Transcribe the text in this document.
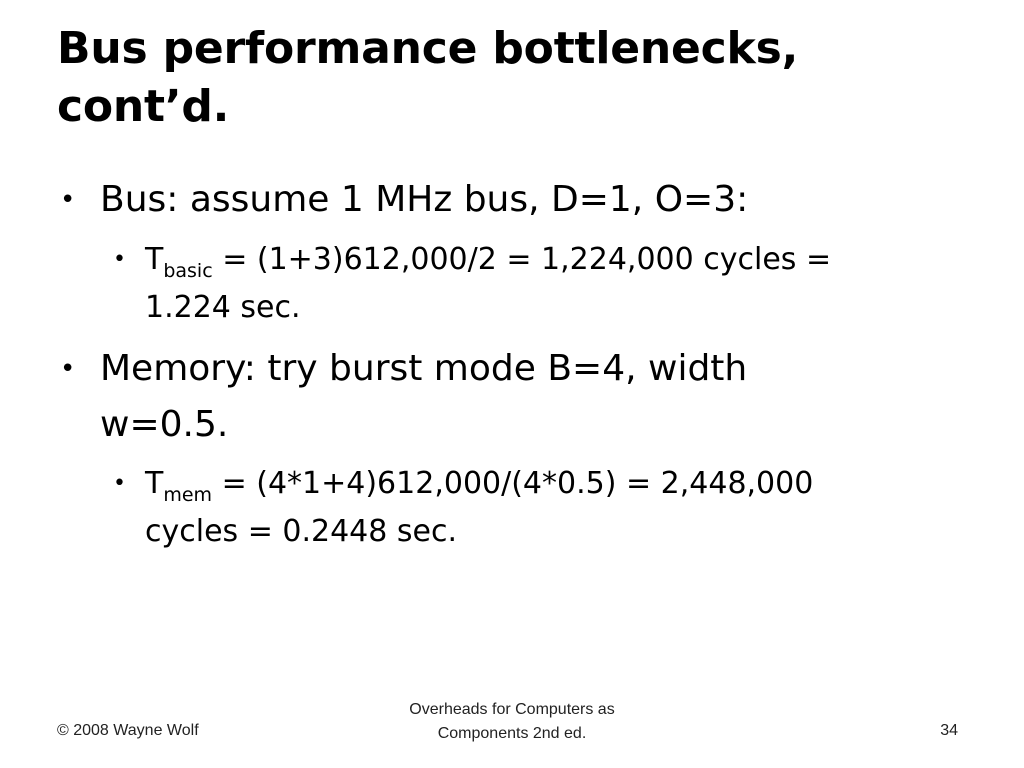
Bus performance bottlenecks,
cont’d.
• Bus: assume 1 MHz bus, D=1, O=3:
• $T_{basic} = (1+3)612,000/2 = 1,224,000$ cycles =
1.224 sec.
• Memory: try burst mode B=4, width
w=0.5.
• $T_{mem} = (4*1+4)612,000/(4*0.5) = 2,448,000$
cycles = 0.2448 sec.
© 2008 Wayne Wolf
Overheads for Computers as
Components 2nd ed.	34
